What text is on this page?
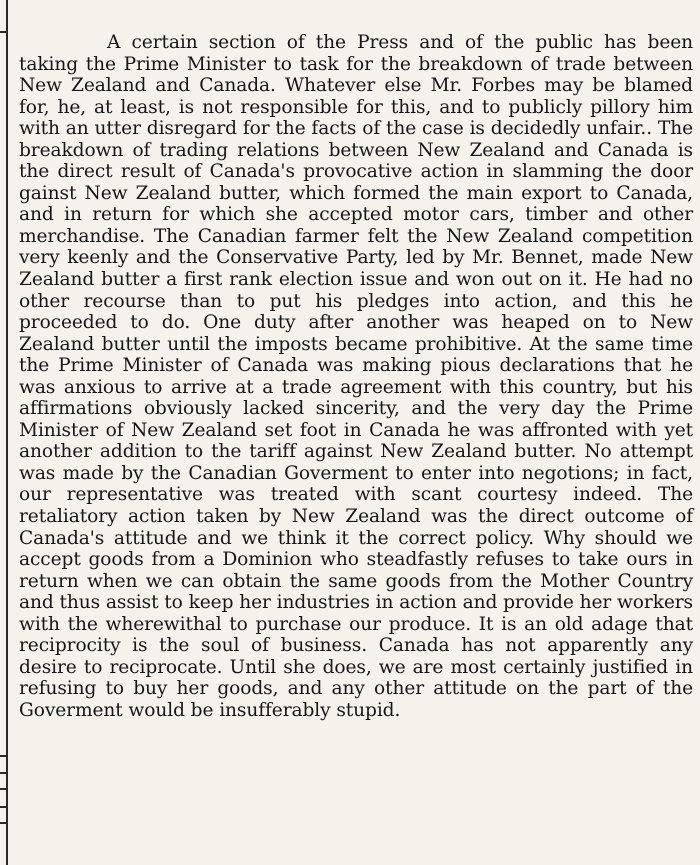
A certain section of the Press and of the public has been taking the Prime Minister to task for the breakdown of trade between New Zealand and Canada. Whatever else Mr. Forbes may be blamed for, he, at least, is not responsible for this, and to publicly pillory him with an utter disregard for the facts of the case is decidedly unfair.. The breakdown of trading relations between New Zealand and Canada is the direct result of Canada's provocative action in slamming the door gainst New Zealand butter, which formed the main export to Canada, and in return for which she accepted motor cars, timber and other merchandise. The Canadian farmer felt the New Zealand competition very keenly and the Conservative Party, led by Mr. Bennet, made New Zealand butter a first rank election issue and won out on it. He had no other recourse than to put his pledges into action, and this he proceeded to do. One duty after another was heaped on to New Zealand butter until the imposts became prohibitive. At the same time the Prime Minister of Canada was making pious declarations that he was anxious to arrive at a trade agreement with this country, but his affirmations obviously lacked sincerity, and the very day the Prime Minister of New Zealand set foot in Canada he was affronted with yet another addition to the tariff against New Zealand butter. No attempt was made by the Canadian Goverment to enter into negotions; in fact, our representative was treated with scant courtesy indeed. The retaliatory action taken by New Zealand was the direct outcome of Canada's attitude and we think it the correct policy. Why should we accept goods from a Dominion who steadfastly refuses to take ours in return when we can obtain the same goods from the Mother Country and thus assist to keep her industries in action and provide her workers with the wherewithal to purchase our produce. It is an old adage that reciprocity is the soul of business. Canada has not apparently any desire to reciprocate. Until she does, we are most certainly justified in refusing to buy her goods, and any other attitude on the part of the Goverment would be insufferably stupid.
